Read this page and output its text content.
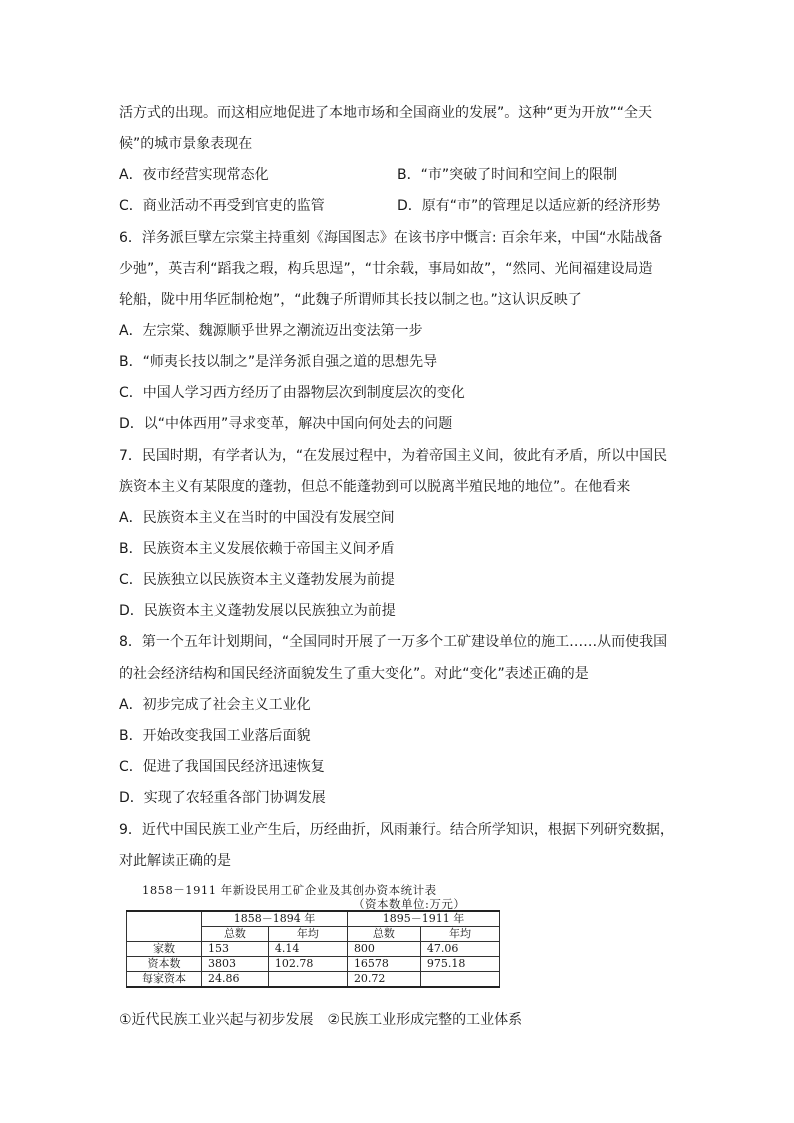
活方式的出现。而这相应地促进了本地市场和全国商业的发展”。这种“更为开放”“全天
候”的城市景象表现在
A．夜市经营实现常态化	B．“市”突破了时间和空间上的限制
C．商业活动不再受到官吏的监管	D．原有“市”的管理足以适应新的经济形势
6．洋务派巨擘左宗棠主持重刻《海国图志》在该书序中慨言: 百余年来，中国“水陆战备
少弛”，英吉利“蹈我之瑕，构兵思逞”，“廿余载，事局如故”，“然同、光间福建设局造
轮船，陇中用华匠制枪炮”，“此魏子所谓师其长技以制之也。”这认识反映了
A．左宗棠、魏源顺乎世界之潮流迈出变法第一步
B．“师夷长技以制之”是洋务派自强之道的思想先导
C．中国人学习西方经历了由器物层次到制度层次的变化
D．以“中体西用”寻求变革，解决中国向何处去的问题
7．民国时期，有学者认为，“在发展过程中，为着帝国主义间，彼此有矛盾，所以中国民
族资本主义有某限度的蓬勃，但总不能蓬勃到可以脱离半殖民地的地位”。在他看来
A．民族资本主义在当时的中国没有发展空间
B．民族资本主义发展依赖于帝国主义间矛盾
C．民族独立以民族资本主义蓬勃发展为前提
D．民族资本主义蓬勃发展以民族独立为前提
8．第一个五年计划期间，“全国同时开展了一万多个工矿建设单位的施工……从而使我国
的社会经济结构和国民经济面貌发生了重大变化”。对此“变化”表述正确的是
A．初步完成了社会主义工业化
B．开始改变我国工业落后面貌
C．促进了我国国民经济迅速恢复
D．实现了农轻重各部门协调发展
9．近代中国民族工业产生后，历经曲折，风雨兼行。结合所学知识，根据下列研究数据，
对此解读正确的是
1858－1911 年新设民用工矿企业及其创办资本统计表
（资本数单位:万元）
	1858－1894 年		1895－1911 年	
	总数	年均	总数	年均
家数	153	4.14	800	47.06
资本数	3803	102.78	16578	975.18
每家资本	24.86		20.72	
①近代民族工业兴起与初步发展　②民族工业形成完整的工业体系
